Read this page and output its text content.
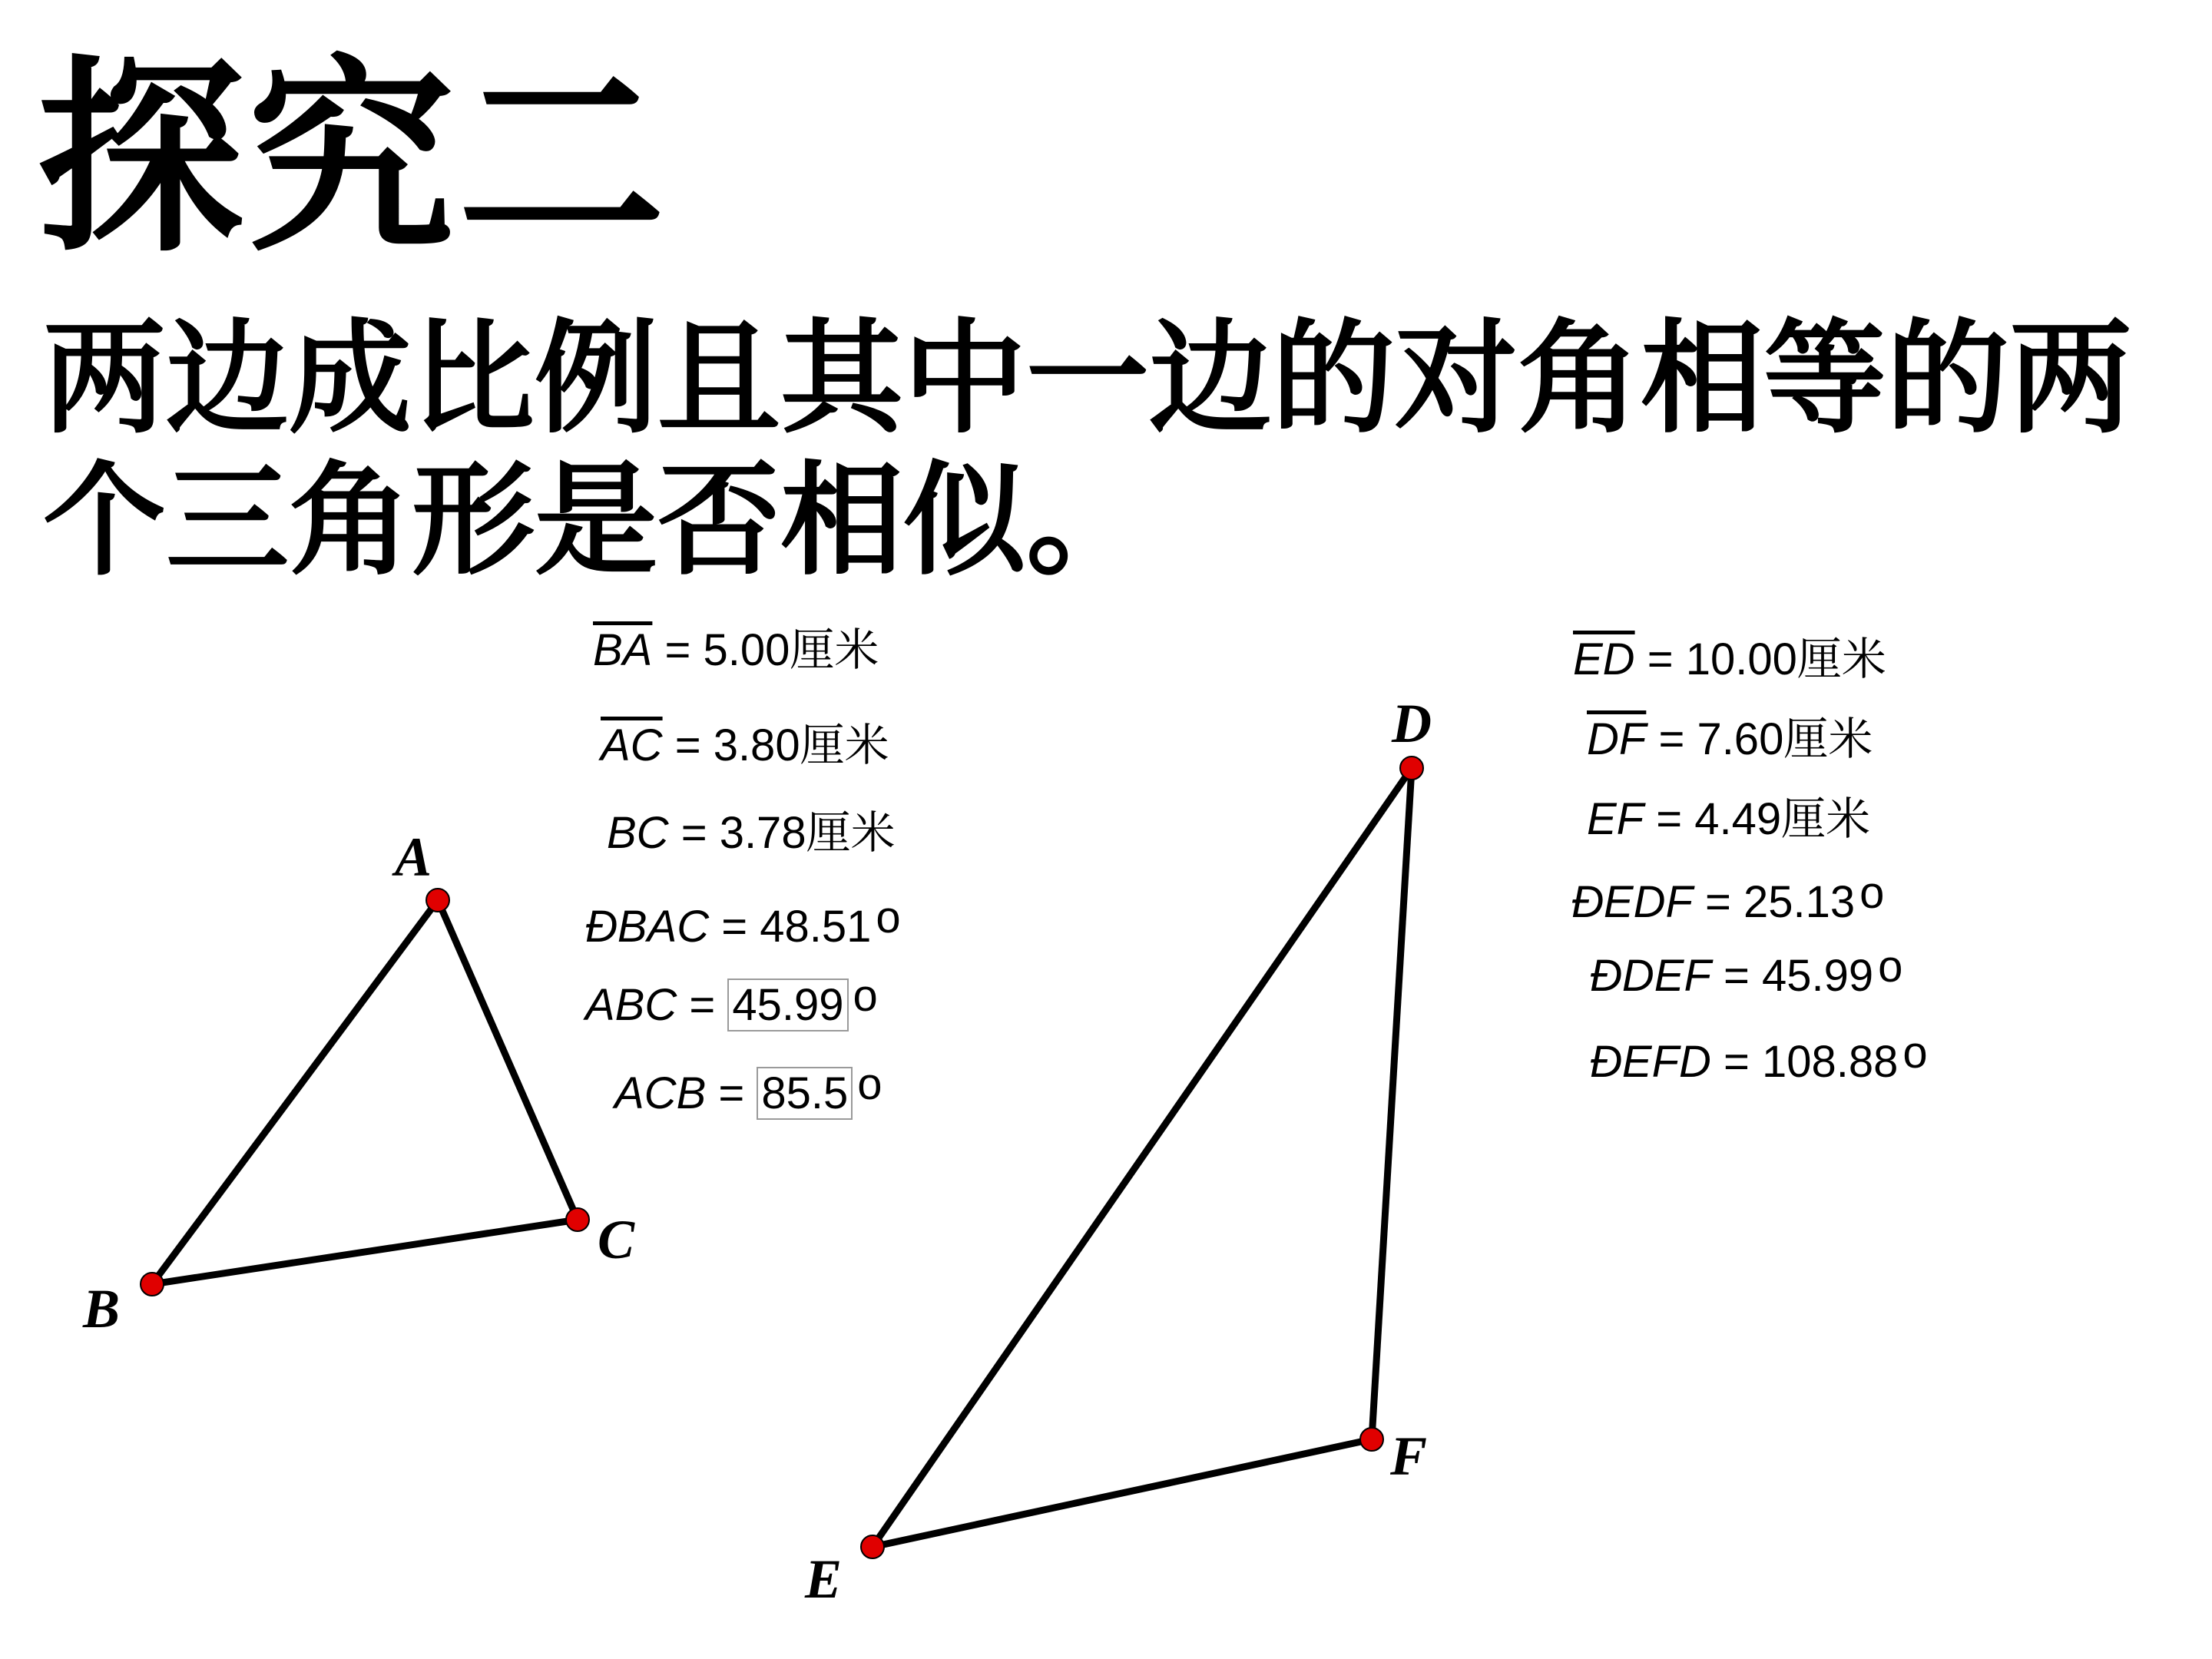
探究二

两边成比例且其中一边的对角相等的两个三角形是否相似。

$\overline{BA} = 5.00$厘米
$\overline{AC} = 3.80$厘米
BC = 3.78厘米
ÐBAC = 48.51 o
ABC = 45.99 o
ACB = 85.5 o
$\overline{ED} = 10.00$厘米
$\overline{DF} = 7.60$厘米
EF = 4.49厘米
ÐEDF = 25.13 o
ÐDEF = 45.99 o
ÐEFD = 108.88 o
A
B
C
D
E
F
